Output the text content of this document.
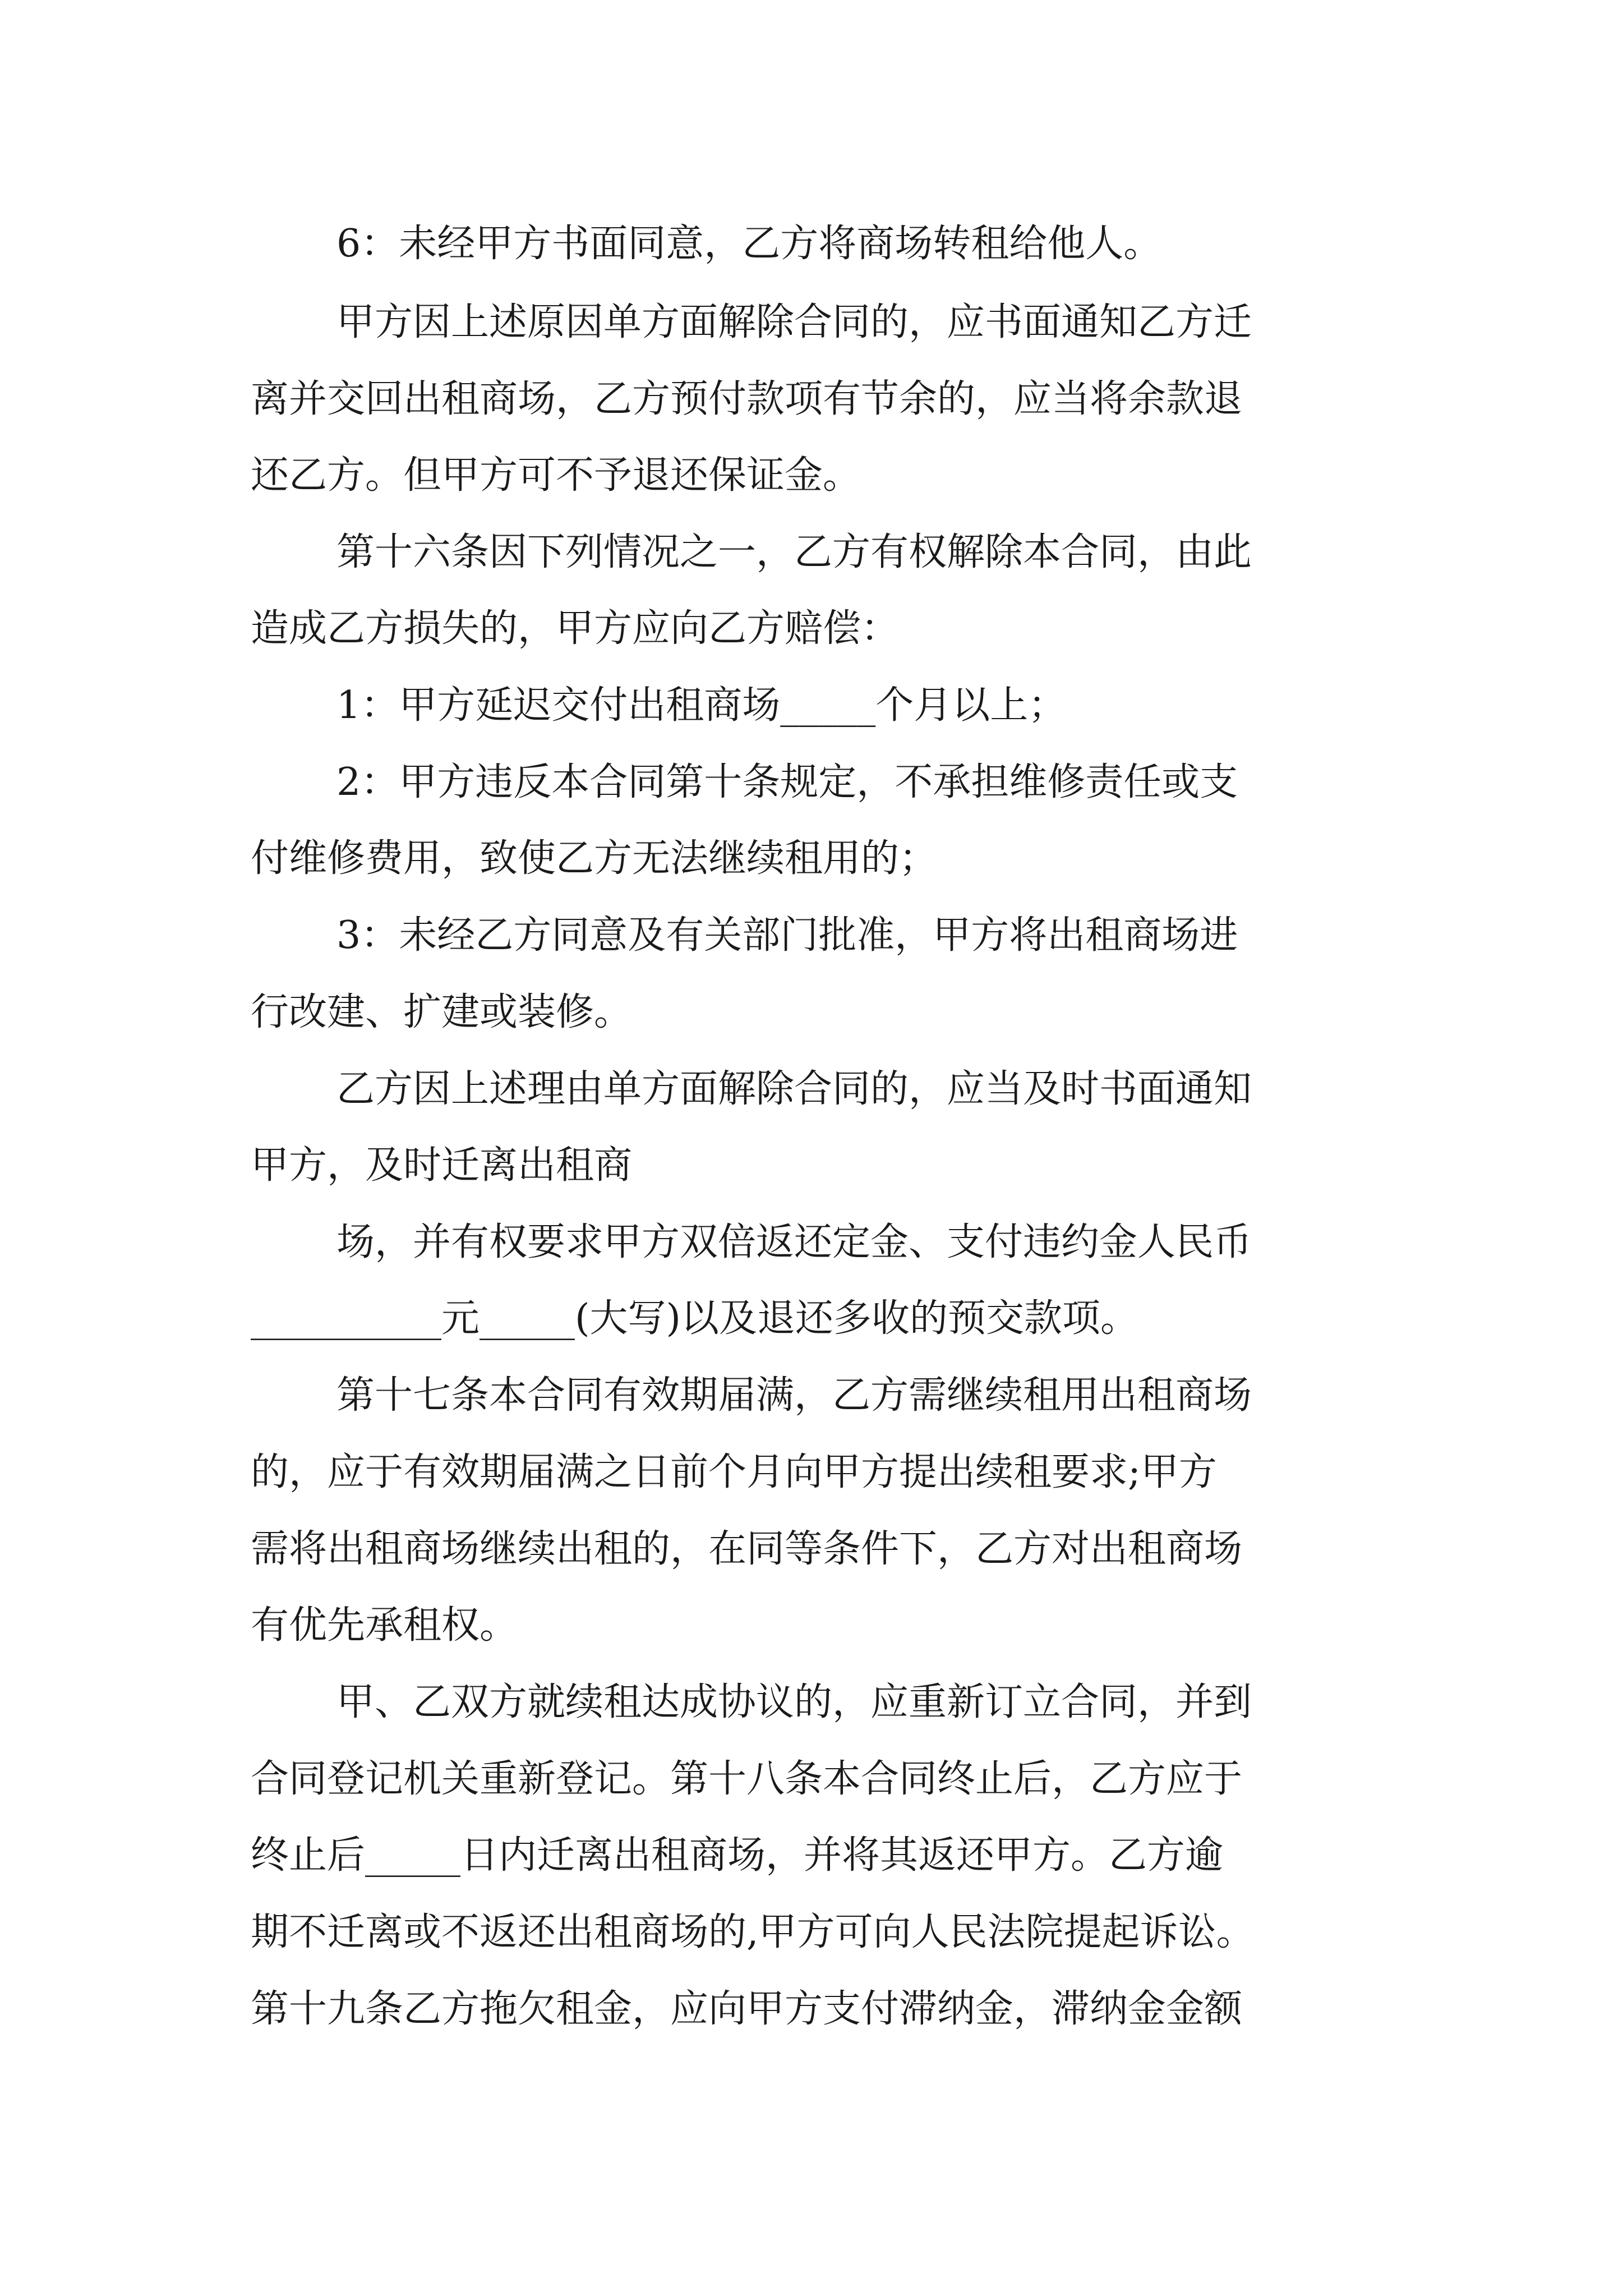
6：未经甲方书面同意，乙方将商场转租给他人。
甲方因上述原因单方面解除合同的，应书面通知乙方迁
离并交回出租商场，乙方预付款项有节余的，应当将余款退
还乙方。但甲方可不予退还保证金。
第十六条因下列情况之一，乙方有权解除本合同，由此
造成乙方损失的，甲方应向乙方赔偿：
1：甲方延迟交付出租商场_____个月以上；
2：甲方违反本合同第十条规定，不承担维修责任或支
付维修费用，致使乙方无法继续租用的；
3：未经乙方同意及有关部门批准，甲方将出租商场进
行改建、扩建或装修。
乙方因上述理由单方面解除合同的，应当及时书面通知
甲方，及时迁离出租商
场，并有权要求甲方双倍返还定金、支付违约金人民币
__________元_____(大写)以及退还多收的预交款项。
第十七条本合同有效期届满，乙方需继续租用出租商场
的，应于有效期届满之日前个月向甲方提出续租要求;甲方
需将出租商场继续出租的，在同等条件下，乙方对出租商场
有优先承租权。
甲、乙双方就续租达成协议的，应重新订立合同，并到
合同登记机关重新登记。第十八条本合同终止后，乙方应于
终止后_____日内迁离出租商场，并将其返还甲方。乙方逾
期不迁离或不返还出租商场的,甲方可向人民法院提起诉讼。
第十九条乙方拖欠租金，应向甲方支付滞纳金，滞纳金金额
